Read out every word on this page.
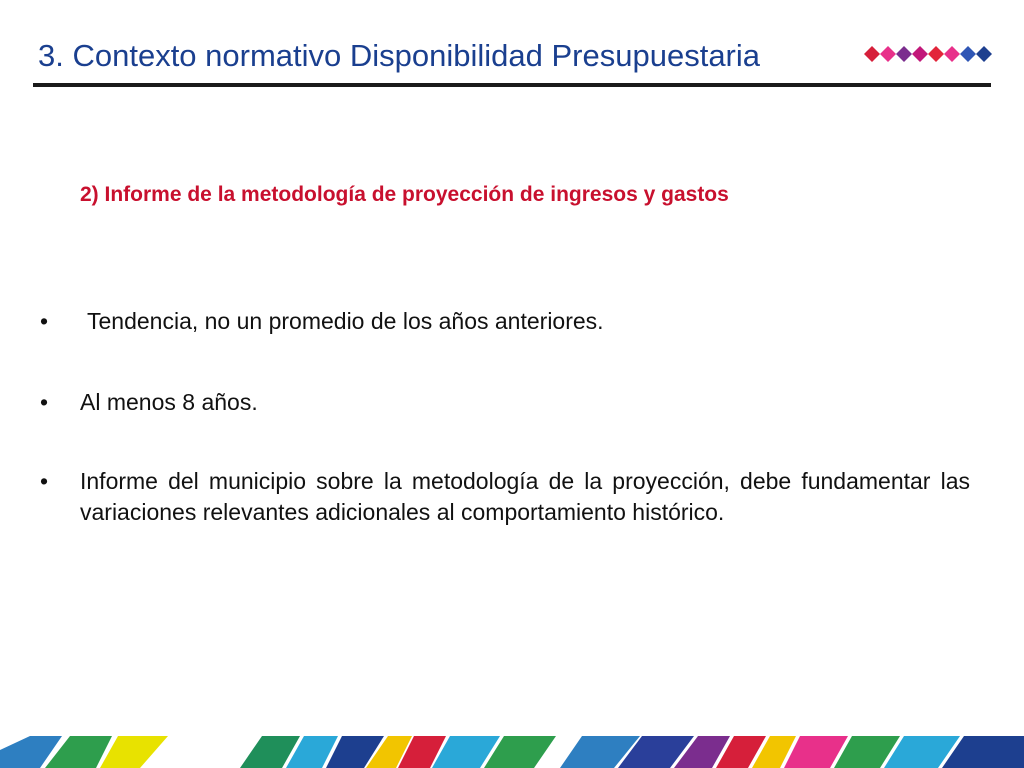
3. Contexto normativo Disponibilidad Presupuestaria
2) Informe de la metodología de proyección de ingresos y gastos
• Tendencia, no un promedio de los años anteriores.
• Al menos 8 años.
• Informe del municipio sobre la metodología de la proyección, debe fundamentar las variaciones relevantes adicionales al comportamiento histórico.
